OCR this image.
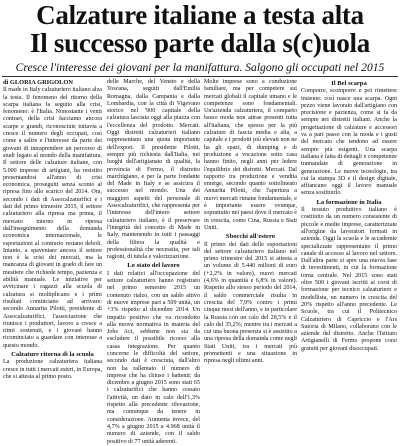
Calzature italiane a testa alta
Il successo parte dalla s(c)uola
Cresce l'interesse dei giovani per la manifattura. Salgono gli occupati nel 2015

di GLORIA GRIGOLON

Il made in Italy calzaturiero italiano alza la testa. Il fenomeno del ritorno della scarpa italiana fa seguito alla crisi, fenomeno: è l'Italia. Nonostante i venti contrari, della crisi facciamo ancora scarpe e grandi, riconosciute tuttavia a cresce il numero degli occupati, così come a salire e l'interesse da parte dei giovani di intraprendere un percorso di studi legato al mondo della manifattura. Il settore delle calzature italiane, con 5.000 imprese di artigiani, ha resistito presentandosi all'anno di crisi economica, proseguiti senza sconto al ripresa fino allo scarico del 2014. Ora, secondo i dati di Assocalzaturifici e i dati del primo trimestre 2015, il settore calzaturiero alla ripresa ma prima, il mercato interno in ripresa dall'inseguimento della domanda economica internazionale, le esportazioni al contrario restano deboli. Intanto, a spaventare ancora il settore non è la crisi dei mercati, ma la mancanza di giovani in grado di fare un mestiere che richiede tempo, pazienza e abilità manuale. Le iniziative per avvicinare i ragazzi alla scuola di calzatura si moltiplicano e i primi risultati cominciano ad arrivare: secondo Annarita Pilotti, presidente di Assocalzaturifici, l'associazione che riunisce i produttori, lavoro a cresce a ritmi sostenuti, e i giovani hanno ricominciato a guardare con interesse a questo mondo.

Calzature ritorna di la scuola

La produzione calzaturiera italiana cresce in tutti i mercati esteri, in Europa, che si attesta al primo posto.

delle Marche, del Veneto e della Toscana, seguiti dall'Emilia Romagna, dalla Campania e dalla Lombardia, con la città di Vigevano storico nel '900 capitale della calzatura lasciata oggi alla piazza con l'eccellenza del prodotto. Mercati. Oggi distretti calzaturieri italiano rappresentano una quota importante dell'export. Il presidente Pilotti, sempre più richiesta dall'Italia, nei luoghi dell'artigianato di qualità, la provincia di Fermo, il distretto marchigiano, e per la parte fondante del Made in Italy e se assicura il successo nel mondo. Una dei maggiori aspetti del personale di Assocalzaturifici, che rappresenta per l'interesse dell'intero settore calzaturiero italiano, è il preservare l'integrità del concetto di Made in Italy, mantenendo in tutti i passaggi della filiera la qualità e professionalità che necessita, per tali ragioni, di tutela e valorizzazione.

Lo stato del lavoro

I dati relativi all'occupazione del settore calzaturiero hanno registrato nel primo semestre 2015 un contenuto rialzo, con un saldo attivo di nuove imprese pari a 509 unità, un +3% rispetto al dicembre 2014. Un impatto positivo che va ricondotto alla nuova normativa in materia del Jobs Act, sebbene non sia da escludere il possibile ricorso alla cassa integrazione. Per quanto concerne le difficoltà del settore, secondo dati è cresciuta, dall'altro non ha rallentato il numero di imprese che ha chiuso i battenti: da dicembre a giugno 2015 sono stati 65 i calzaturifici che hanno cessato l'attività, un dato in calo dell'1,3% rispetto alla precedente rilevazione, ma comunque da tenere in considerazione. Aumenta invece, del 4,7% a giugno 2015 a 4.968 unità il numero di aziende, con il saldo positivo di 77 unità aderenti.

Molte imprese sono a conduzione familiare, ma per competere sui mercati globali il capitale umano e le competenze sono fondamentali. Un'azienda calzaturiera, il comparto basso moda non attrae presenti tutta all'italiana, che spesso per la più calzature di fascia media e alta, a capitale e i prodotti più elevati non ne ha gli spazi, di dumping e di produzione a vocazione sotto casa hanno finito, negli anni per ledere l'equilibrio dei distretti. Mercati. Dal rapporto tra produzione e vendita emerge, secondo quanto sottolineato Annarita Pilotti, che l'apertura a nuovi mercati rimane fondamentale, e è importante essere ovunque, soprattutto nei paesi dove il mercato è in crescita, come Cina, Russia e Stati Uniti.

Sbocchi all'estero

Il primo dei dati delle esportazioni del settore calzaturiero italiano nel primo trimestre del 2015 si attesta a un volume di 5.440 milioni di euro (+2,2% in valore), nuovi mercati (4,6% in quantità e 6,8% in valore). Rispetto allo stesso periodo del 2014, il saldo commerciale risulta in crescita del 7,9% contro i primi cinque mesi dell'anno, e in particolare la Russia con un calo del 28,5% e il calo del 35,2%; mentre tra i mercati a cui una buona presenza si è assistito a una ripresa della domanda come negli Stati Uniti, tra i mercati più promettenti e una situazione in ripresa negli ultimi anni.

Il Bel scarpa

Comporre, scomporre e poi rimettere insieme: così nasce una scarpa. Ogni pezzo viene lavorato dall'artigiano con precisione e pazienza, come si fa da sempre nei distretti italiani. Anche la progettazione di calzature e accessori va a pari passo con la moda e i gusti del mercato che tendono ad essere sempre più esigenti. Una scarpa italiana è fatta di dettagli e competenze tramandate di generazione in generazione. Le nuove tecnologie, tra cui la stampa 3D e il design digitale, affiancano oggi il lavoro manuale senza sostituirlo.

La formazione in Italia

Il tessuto produttivo italiano è costituito da un numero consistente di piccole e medie imprese, caratterizzate all'origine da lavoratori formati in azienda. Oggi la scuola e le accademie specializzate rappresentano il primo canale di accesso al lavoro nel settore. Dall'altra parte si apre una nuova fase di investimenti, in cui la formazione torna centrale. Nel 2015 sono stati oltre 500 i giovani iscritti ai corsi di formazione per tecnico calzaturiero e modellista, un numero in crescita del 20% rispetto all'anno precedente. Le Scuole, tra cui il Politecnico Calzaturiero di Capriccio e l'Ars Sutoria di Milano, collaborano con le aziende del distretto. Anche l'Istituto Artigianelli di Fermo propone corsi gratuiti per giovani disoccupati.
